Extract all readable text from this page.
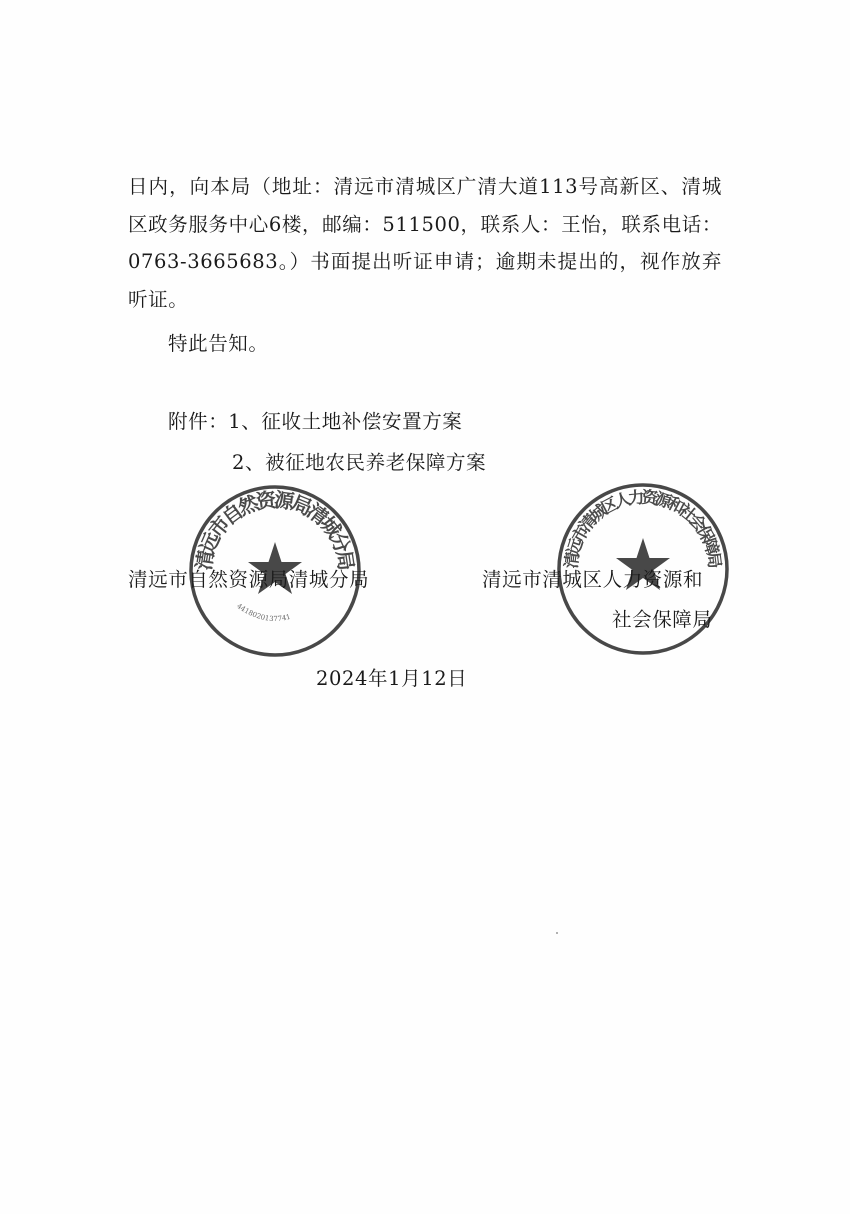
日内，向本局（地址：清远市清城区广清大道113号高新区、清城区政务服务中心6楼，邮编：511500，联系人：王怡，联系电话：0763-3665683。）书面提出听证申请；逾期未提出的，视作放弃听证。

特此告知。

附件：1、征收土地补偿安置方案

2、被征地农民养老保障方案

清远市自然资源局清城分局
4418020137741
清远市清城区人力资源和社会保障局

清远市自然资源局清城分局	清远市清城区人力资源和

社会保障局

2024年1月12日
